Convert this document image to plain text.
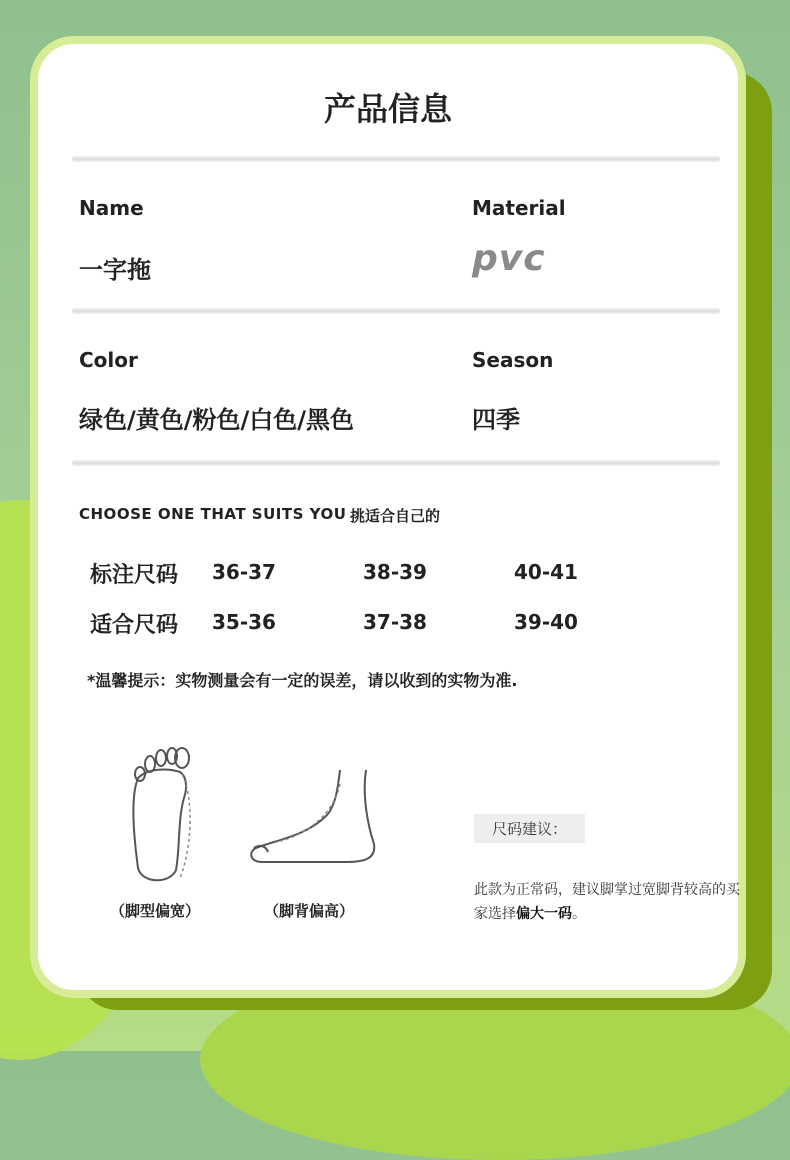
产品信息
Name
一字拖
Material
pvc
Color
绿色/黄色/粉色/白色/黑色
Season
四季
CHOOSE ONE THAT SUITS YOU 挑适合自己的
标注尺码 36-37	38-39	40-41
适合尺码 35-36	37-38	39-40
*温馨提示：实物测量会有一定的误差，请以收到的实物为准.
（脚型偏宽）	（脚背偏高）
尺码建议：
此款为正常码，建议脚掌过宽脚背较高的买家选择偏大一码。
